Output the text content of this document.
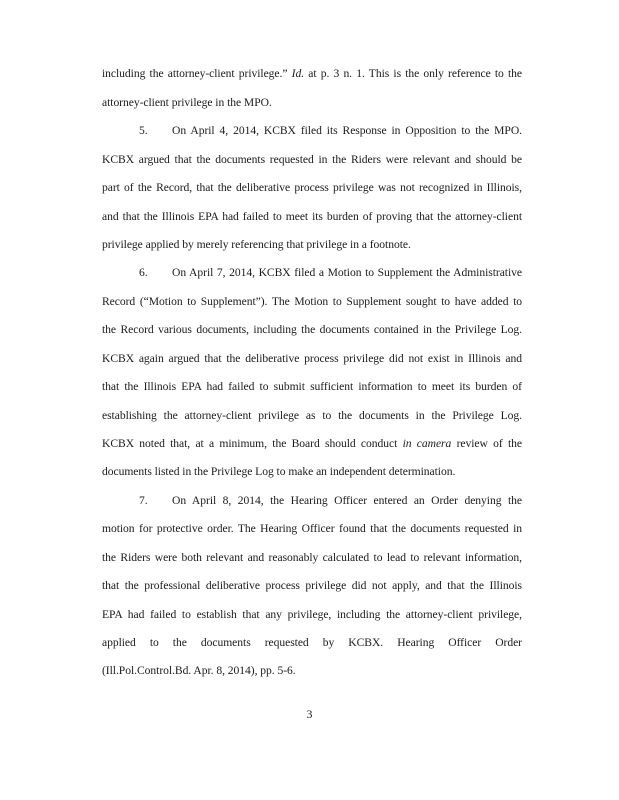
including the attorney-client privilege.” Id. at p. 3 n. 1. This is the only reference to the
attorney-client privilege in the MPO.
5. On April 4, 2014, KCBX filed its Response in Opposition to the MPO.
KCBX argued that the documents requested in the Riders were relevant and should be
part of the Record, that the deliberative process privilege was not recognized in Illinois,
and that the Illinois EPA had failed to meet its burden of proving that the attorney-client
privilege applied by merely referencing that privilege in a footnote.
6. On April 7, 2014, KCBX filed a Motion to Supplement the Administrative
Record (“Motion to Supplement”). The Motion to Supplement sought to have added to
the Record various documents, including the documents contained in the Privilege Log.
KCBX again argued that the deliberative process privilege did not exist in Illinois and
that the Illinois EPA had failed to submit sufficient information to meet its burden of
establishing the attorney-client privilege as to the documents in the Privilege Log.
KCBX noted that, at a minimum, the Board should conduct in camera review of the
documents listed in the Privilege Log to make an independent determination.
7. On April 8, 2014, the Hearing Officer entered an Order denying the
motion for protective order. The Hearing Officer found that the documents requested in
the Riders were both relevant and reasonably calculated to lead to relevant information,
that the professional deliberative process privilege did not apply, and that the Illinois
EPA had failed to establish that any privilege, including the attorney-client privilege,
applied to the documents requested by KCBX. Hearing Officer Order
(Ill.Pol.Control.Bd. Apr. 8, 2014), pp. 5-6.
3
